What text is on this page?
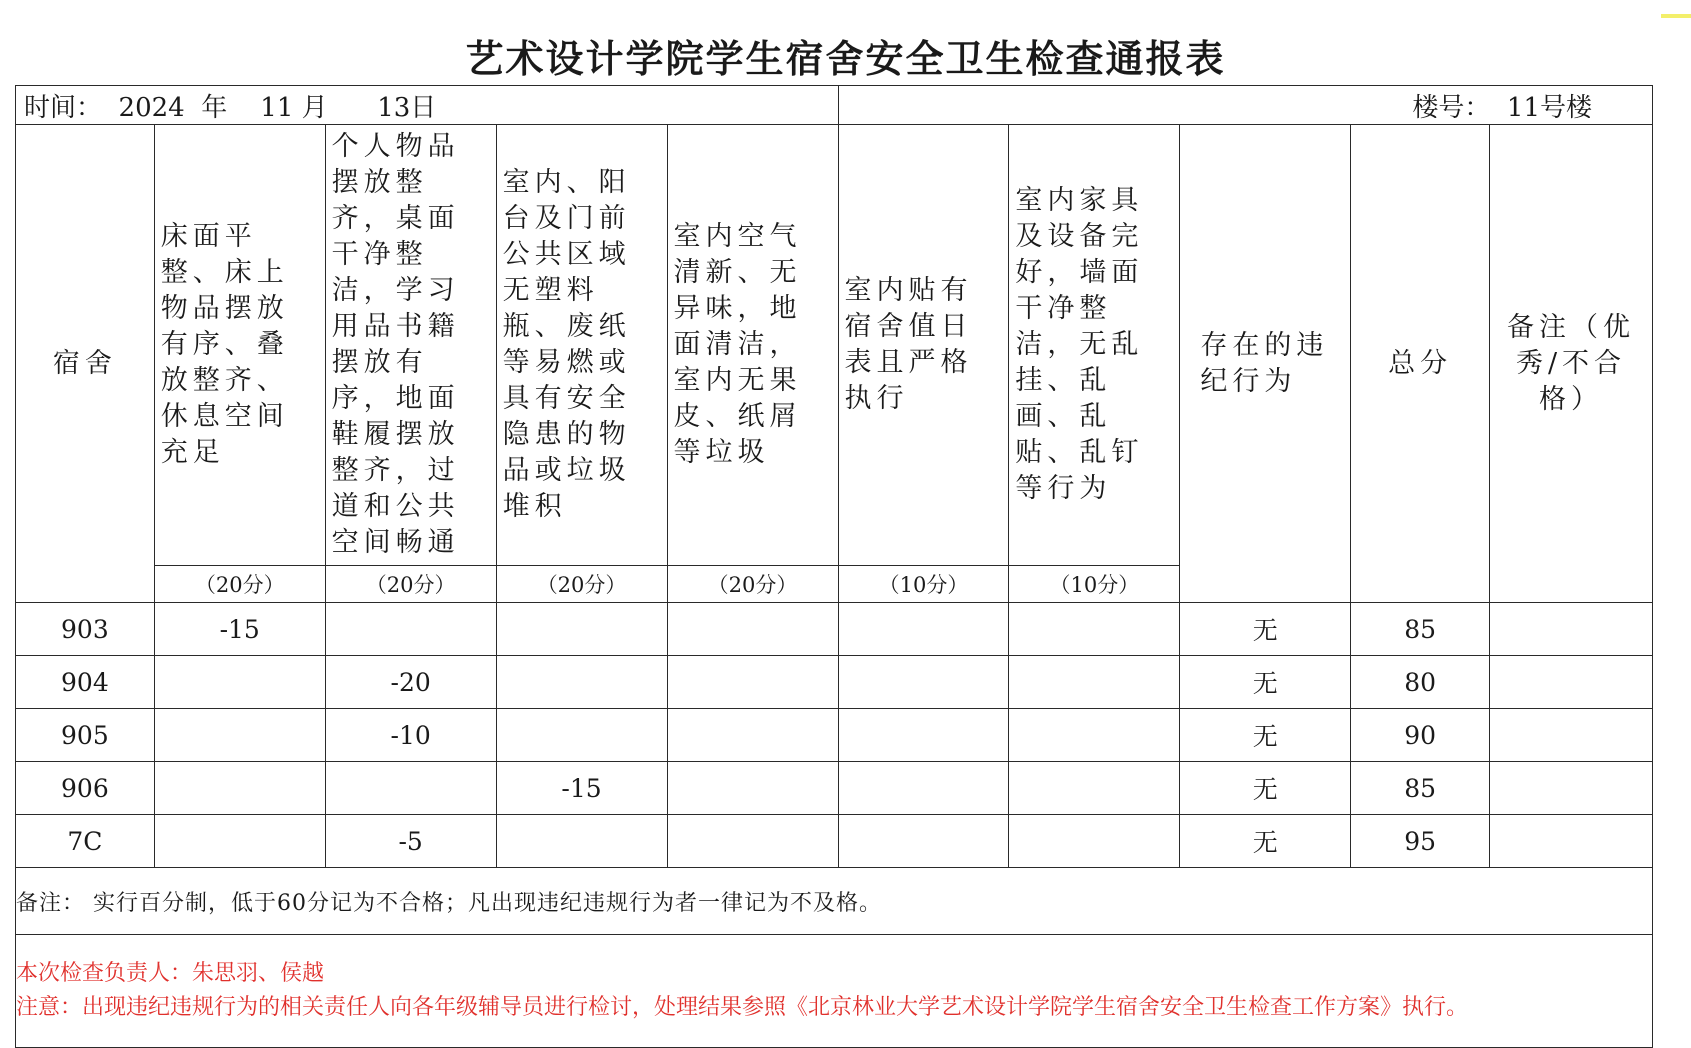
艺术设计学院学生宿舍安全卫生检查通报表
时间：  2024  年    11 月      13日					楼号：  11号楼				
宿舍	床面平整、床上物品摆放有序、叠放整齐、休息空间充足	个人物品摆放整齐，桌面干净整洁，学习用品书籍摆放有序，地面鞋履摆放整齐，过道和公共空间畅通	室内、阳台及门前公共区域无塑料瓶、废纸等易燃或具有安全隐患的物品或垃圾堆积	室内空气清新、无异味，地面清洁，室内无果皮、纸屑等垃圾	室内贴有宿舍值日表且严格执行	室内家具及设备完好，墙面干净整洁，无乱挂、乱画、乱贴、乱钉等行为	存在的违纪行为	总分	备注（优秀/不合格）
	（20分）	（20分）	（20分）	（20分）	（10分）	（10分）			
903	-15						无	85	
904		-20					无	80	
905		-10					无	90	
906			-15				无	85	
7C		-5					无	95	
备注： 实行百分制，低于60分记为不合格；凡出现违纪违规行为者一律记为不及格。									

本次检查负责人：朱思羽、侯越
注意：出现违纪违规行为的相关责任人向各年级辅导员进行检讨，处理结果参照《北京林业大学艺术设计学院学生宿舍安全卫生检查工作方案》执行。									
